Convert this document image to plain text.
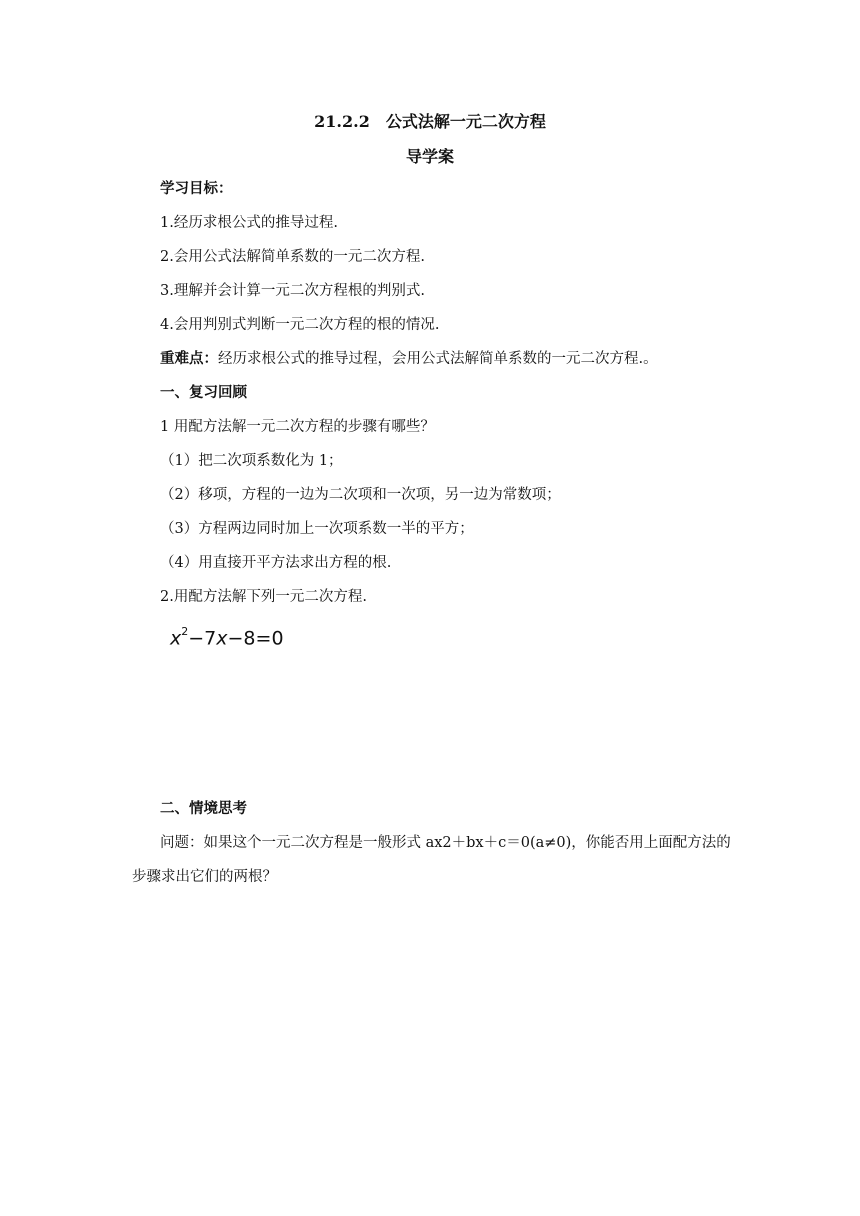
21.2.2　公式法解一元二次方程
导学案
学习目标：
1.经历求根公式的推导过程.
2.会用公式法解简单系数的一元二次方程.
3.理解并会计算一元二次方程根的判别式.
4.会用判别式判断一元二次方程的根的情况.
重难点：经历求根公式的推导过程，会用公式法解简单系数的一元二次方程.。
一、复习回顾
1 用配方法解一元二次方程的步骤有哪些？
（1）把二次项系数化为 1；
（2）移项，方程的一边为二次项和一次项，另一边为常数项；
（3）方程两边同时加上一次项系数一半的平方；
（4）用直接开平方法求出方程的根.
2.用配方法解下列一元二次方程.
$x^2-7x-8=0$
二、情境思考
问题：如果这个一元二次方程是一般形式 ax2＋bx＋c＝0(a≠0)，你能否用上面配方法的
步骤求出它们的两根？
